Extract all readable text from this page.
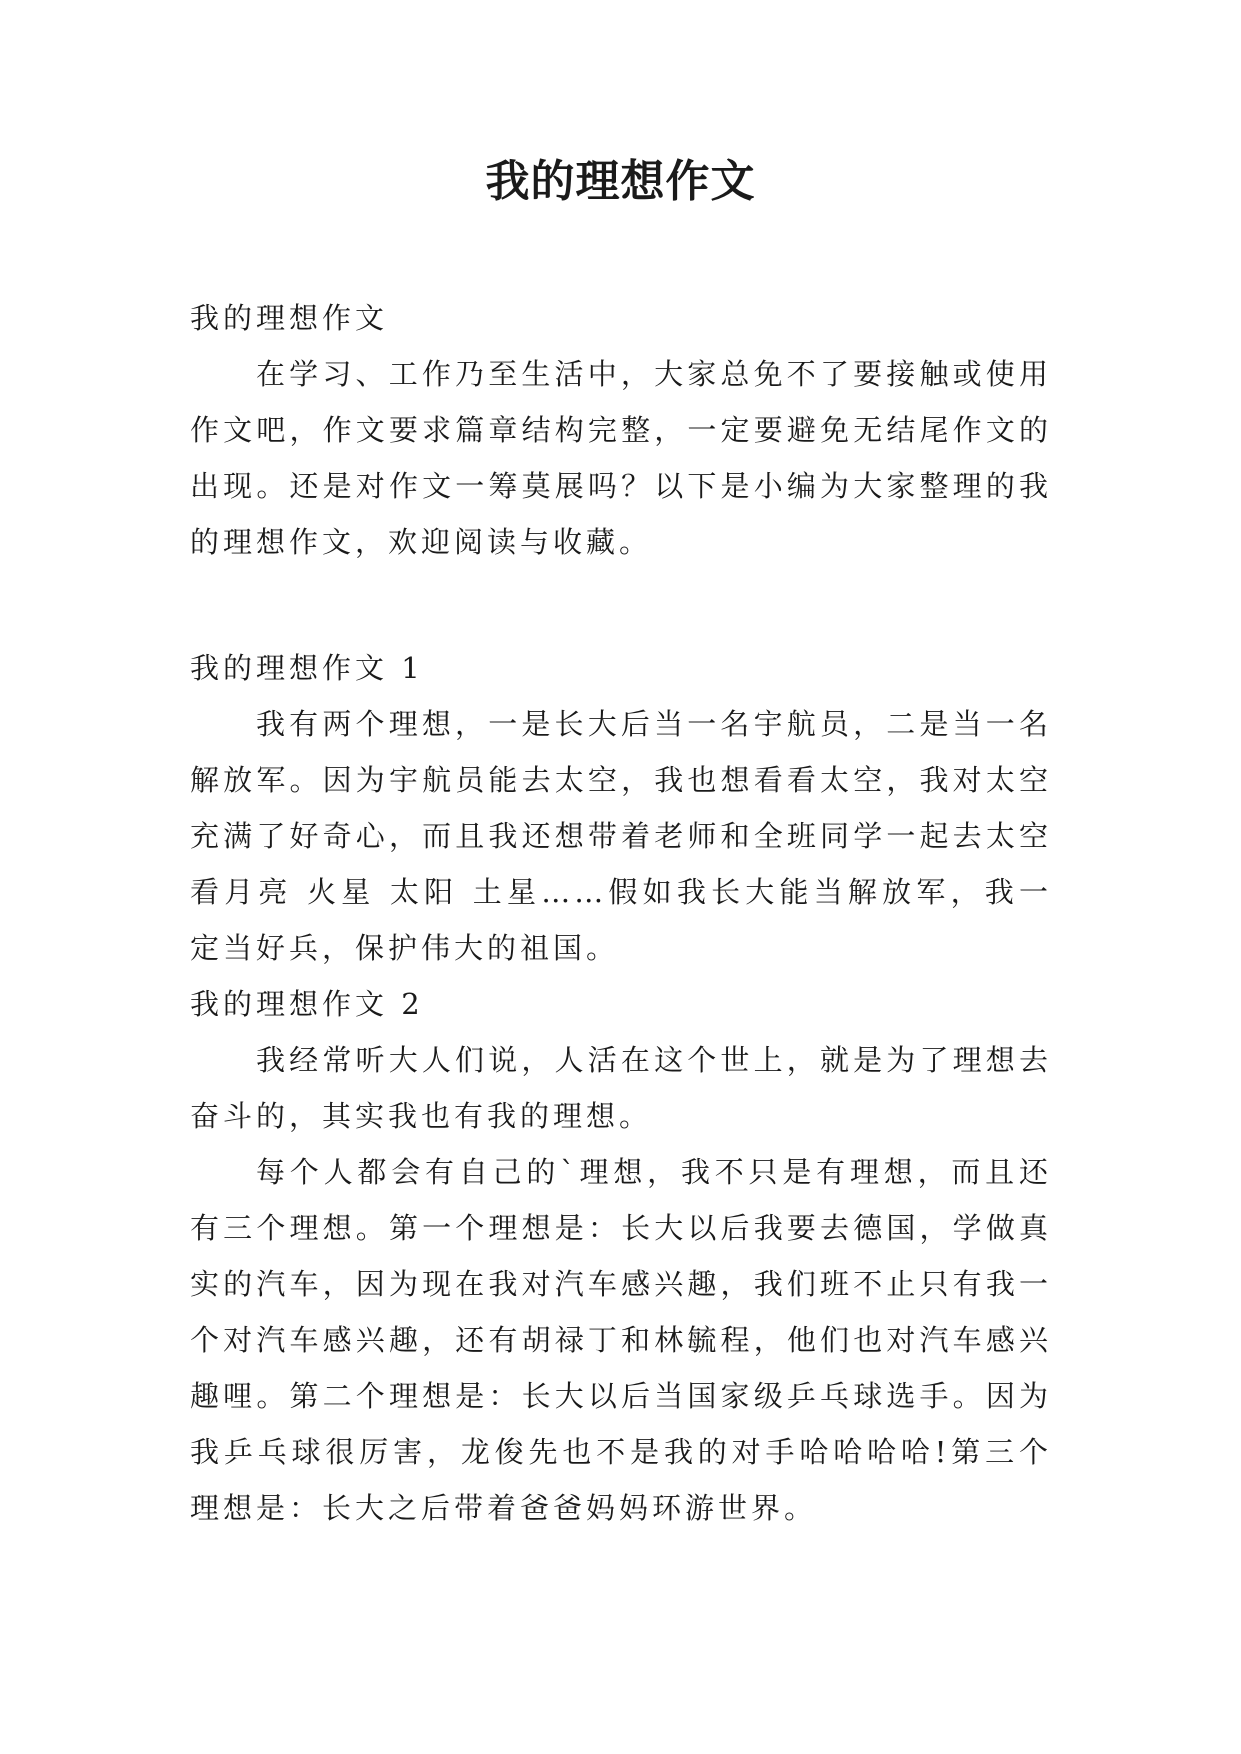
我的理想作文

我的理想作文

在学习、工作乃至生活中，大家总免不了要接触或使用作文吧，作文要求篇章结构完整，一定要避免无结尾作文的出现。还是对作文一筹莫展吗？以下是小编为大家整理的我的理想作文，欢迎阅读与收藏。

我的理想作文 1

我有两个理想，一是长大后当一名宇航员，二是当一名解放军。因为宇航员能去太空，我也想看看太空，我对太空充满了好奇心，而且我还想带着老师和全班同学一起去太空看月亮 火星 太阳 土星……假如我长大能当解放军，我一定当好兵，保护伟大的祖国。

我的理想作文 2

我经常听大人们说，人活在这个世上，就是为了理想去奋斗的，其实我也有我的理想。

每个人都会有自己的`理想，我不只是有理想，而且还有三个理想。第一个理想是：长大以后我要去德国，学做真实的汽车，因为现在我对汽车感兴趣，我们班不止只有我一个对汽车感兴趣，还有胡禄丁和林毓程，他们也对汽车感兴趣哩。第二个理想是：长大以后当国家级乒乓球选手。因为我乒乓球很厉害，龙俊先也不是我的对手哈哈哈哈!第三个理想是：长大之后带着爸爸妈妈环游世界。
